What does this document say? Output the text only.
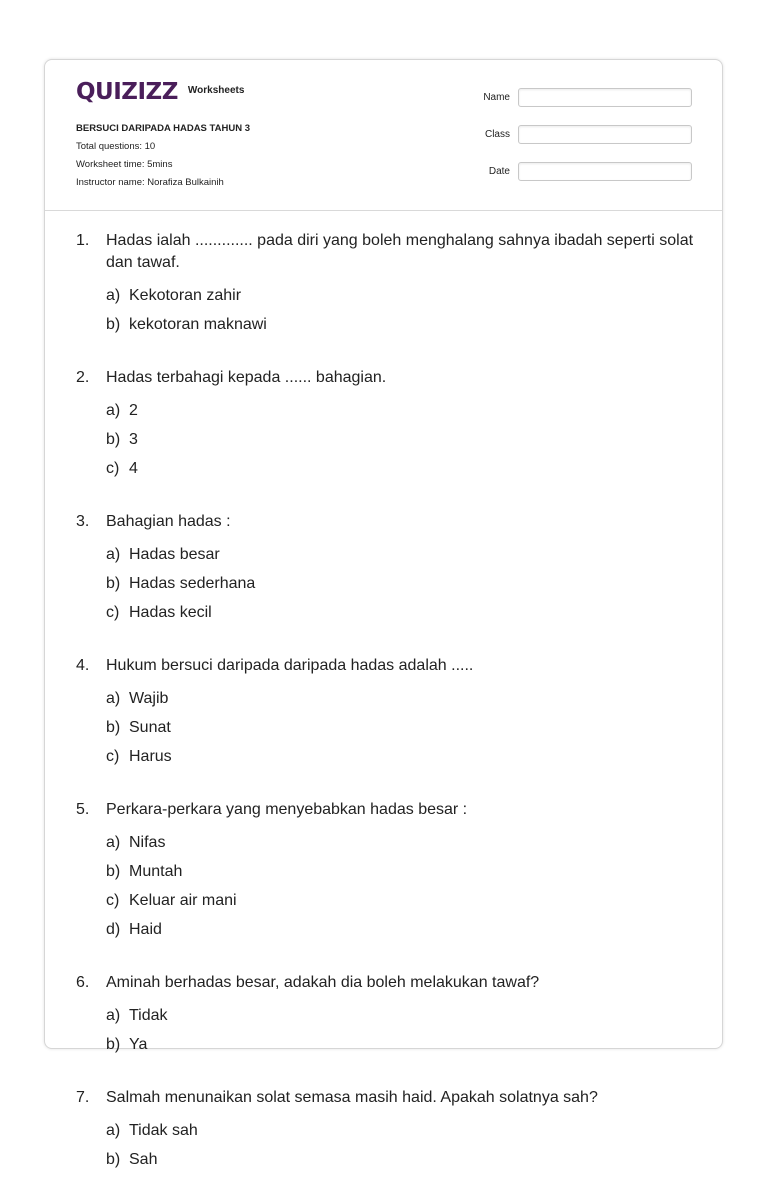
QUIZIZZ Worksheets
BERSUCI DARIPADA HADAS TAHUN 3
Total questions: 10
Worksheet time: 5mins
Instructor name: Norafiza Bulkainih
Name
Class
Date
1.	Hadas ialah ............. pada diri yang boleh menghalang sahnya ibadah seperti solat dan tawaf.
a) Kekotoran zahir
b) kekotoran maknawi
2.	Hadas terbahagi kepada ...... bahagian.
a) 2
b) 3
c) 4
3.	Bahagian hadas :
a) Hadas besar
b) Hadas sederhana
c) Hadas kecil
4.	Hukum bersuci daripada daripada hadas adalah .....
a) Wajib
b) Sunat
c) Harus
5.	Perkara-perkara yang menyebabkan hadas besar :
a) Nifas
b) Muntah
c) Keluar air mani
d) Haid
6.	Aminah berhadas besar, adakah dia boleh melakukan tawaf?
a) Tidak
b) Ya
7.	Salmah menunaikan solat semasa masih haid. Apakah solatnya sah?
a) Tidak sah
b) Sah
